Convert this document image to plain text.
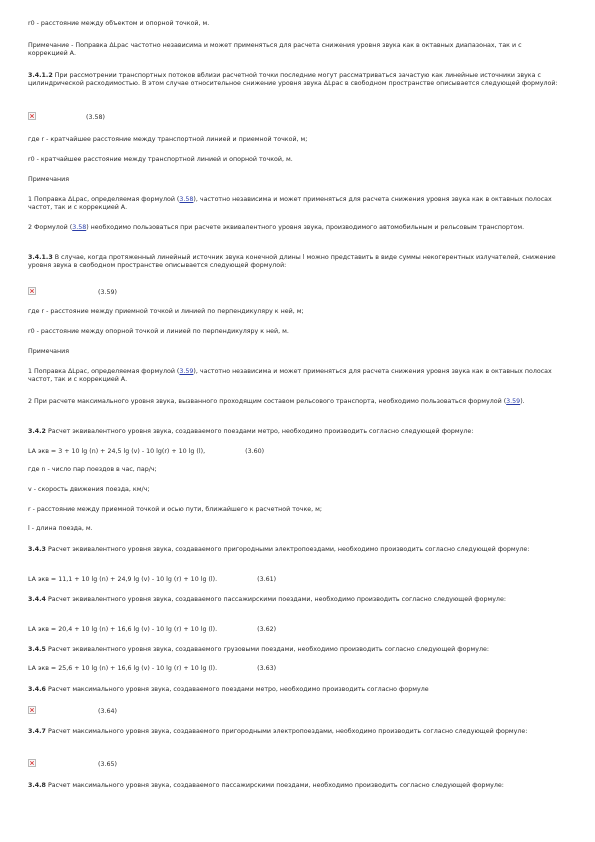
r0 - расстояние между объектом и опорной точкой, м.

Примечание - Поправка ΔLрас частотно независима и может применяться для расчета снижения уровня звука как в октавных диапазонах, так и с коррекцией А.

3.4.1.2 При рассмотрении транспортных потоков вблизи расчетной точки последние могут рассматриваться зачастую как линейные источники звука с цилиндрической расходимостью. В этом случае относительное снижение уровня звука ΔLрас в свободном пространстве описывается следующей формулой:

(3.58)

где r - кратчайшее расстояние между транспортной линией и приемной точкой, м;

r0 - кратчайшее расстояние между транспортной линией и опорной точкой, м.

Примечания

1 Поправка ΔLрас, определяемая формулой (3.58), частотно независима и может применяться для расчета снижения уровня звука как в октавных полосах частот, так и с коррекцией А.

2 Формулой (3.58) необходимо пользоваться при расчете эквивалентного уровня звука, производимого автомобильным и рельсовым транспортом.

3.4.1.3 В случае, когда протяженный линейный источник звука конечной длины l можно представить в виде суммы некогерентных излучателей, снижение уровня звука в свободном пространстве описывается следующей формулой:

(3.59)

где r - расстояние между приемной точкой и линией по перпендикуляру к ней, м;

r0 - расстояние между опорной точкой и линией по перпендикуляру к ней, м.

Примечания

1 Поправка ΔLрас, определяемая формулой (3.59), частотно независима и может применяться для расчета снижения уровня звука как в октавных полосах частот, так и с коррекцией А.

2 При расчете максимального уровня звука, вызванного проходящим составом рельсового транспорта, необходимо пользоваться формулой (3.59).

3.4.2 Расчет эквивалентного уровня звука, создаваемого поездами метро, необходимо производить согласно следующей формуле:

LA экв = 3 + 10 lg (n) + 24,5 lg (v) - 10 lg(r) + 10 lg (l),	(3.60)

где n - число пар поездов в час, пар/ч;

v - скорость движения поезда, км/ч;

r - расстояние между приемной точкой и осью пути, ближайшего к расчетной точке, м;

l - длина поезда, м.

3.4.3 Расчет эквивалентного уровня звука, создаваемого пригородными электропоездами, необходимо производить согласно следующей формуле:

LA экв = 11,1 + 10 lg (n) + 24,9 lg (v) - 10 lg (r) + 10 lg (l).	(3.61)

3.4.4 Расчет эквивалентного уровня звука, создаваемого пассажирскими поездами, необходимо производить согласно следующей формуле:

LA экв = 20,4 + 10 lg (n) + 16,6 lg (v) - 10 lg (r) + 10 lg (l).	(3.62)

3.4.5 Расчет эквивалентного уровня звука, создаваемого грузовыми поездами, необходимо производить согласно следующей формуле:

LA экв = 25,6 + 10 lg (n) + 16,6 lg (v) - 10 lg (r) + 10 lg (l).	(3.63)

3.4.6 Расчет максимального уровня звука, создаваемого поездами метро, необходимо производить согласно формуле

(3.64)

3.4.7 Расчет максимального уровня звука, создаваемого пригородными электропоездами, необходимо производить согласно следующей формуле:

(3.65)

3.4.8 Расчет максимального уровня звука, создаваемого пассажирскими поездами, необходимо производить согласно следующей формуле:
